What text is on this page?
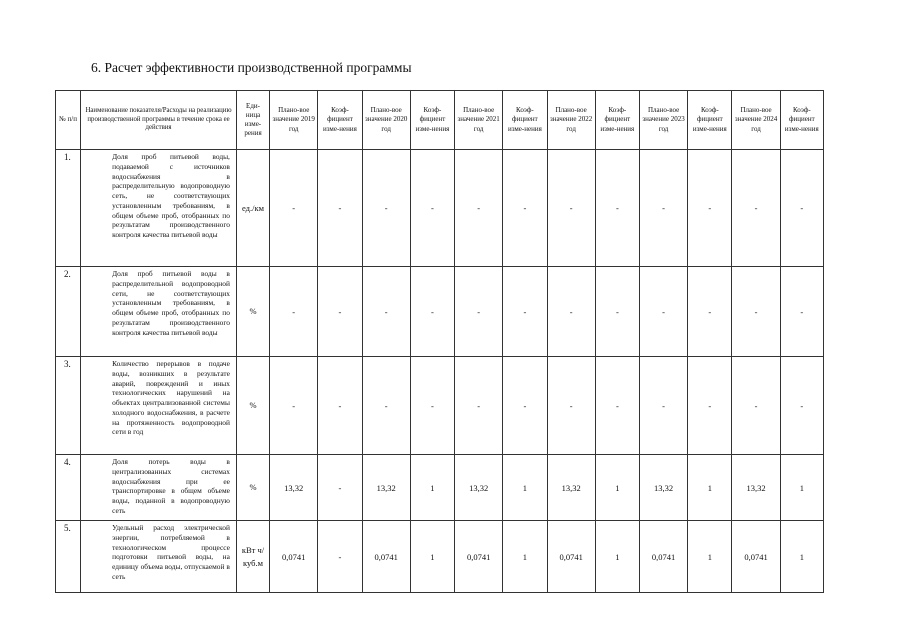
6. Расчет эффективности производственной программы
№ п/п	Наименование показателя/Расходы на реализацию производственной программы в течение срока ее действия	Еди-ница изме-рения	Плано-вое значение 2019 год	Коэф-фициент изме-нения	Плано-вое значение 2020 год	Коэф-фициент изме-нения	Плано-вое значение 2021 год	Коэф-фициент изме-нения	Плано-вое значение 2022 год	Коэф-фициент изме-нения	Плано-вое значение 2023 год	Коэф-фициент изме-нения	Плано-вое значение 2024 год	Коэф-фициент изме-нения
1.	Доля проб питьевой воды, подаваемой с источников водоснабжения в распределительную водопроводную сеть, не соответствующих установленным требованиям, в общем объеме проб, отобранных по результатам производственного контроля качества питьевой воды	ед./км	-	-	-	-	-	-	-	-	-	-	-	-
2.	Доля проб питьевой воды в распределительной водопроводной сети, не соответствующих установленным требованиям, в общем объеме проб, отобранных по результатам производственного контроля качества питьевой воды	%	-	-	-	-	-	-	-	-	-	-	-	-
3.	Количество перерывов в подаче воды, возникших в результате аварий, повреждений и иных технологических нарушений на объектах централизованной системы холодного водоснабжения, в расчете на протяженность водопроводной сети в год	%	-	-	-	-	-	-	-	-	-	-	-	-
4.	Доля потерь воды в централизованных системах водоснабжения при ее транспортировке в общем объеме воды, поданной в водопроводную сеть	%	13,32	-	13,32	1	13,32	1	13,32	1	13,32	1	13,32	1
5.	Удельный расход электрической энергии, потребляемой в технологическом процессе подготовки питьевой воды, на единицу объема воды, отпускаемой в сеть	кВт ч/куб.м	0,0741	-	0,0741	1	0,0741	1	0,0741	1	0,0741	1	0,0741	1
